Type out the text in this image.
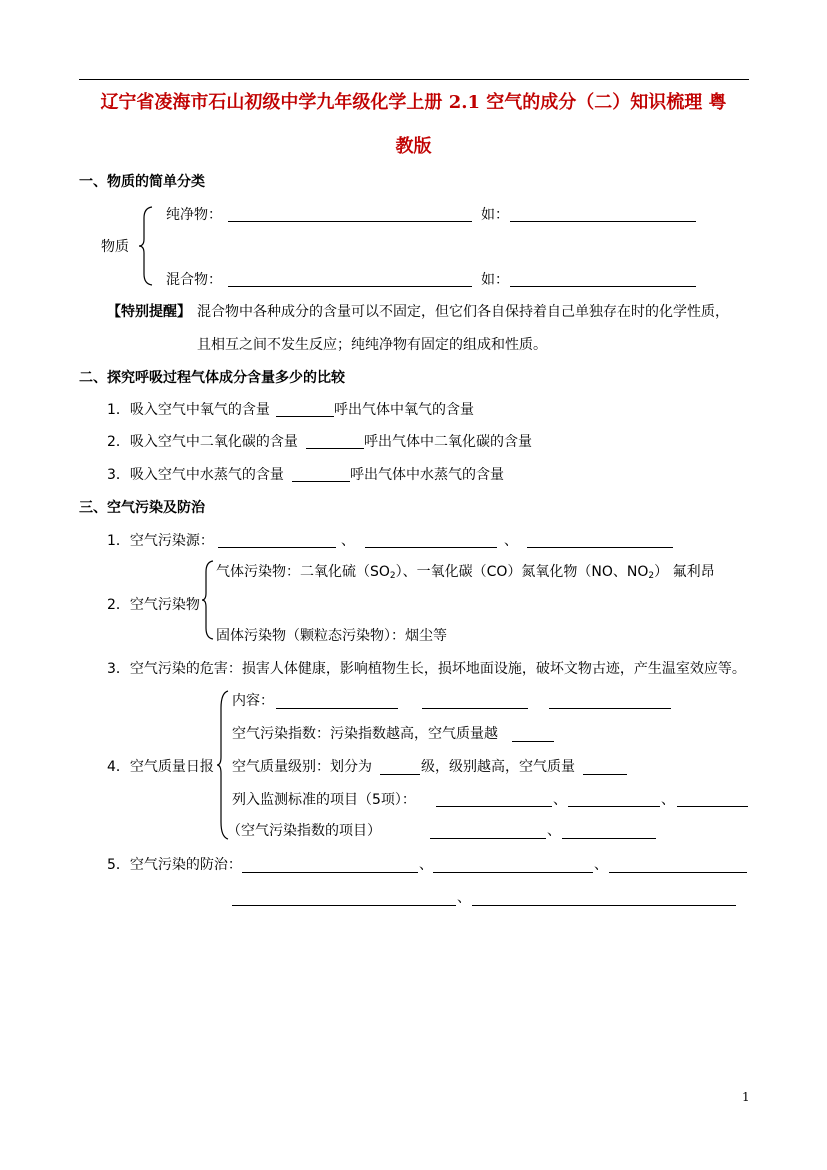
辽宁省凌海市石山初级中学九年级化学上册 2.1 空气的成分（二）知识梳理 粤
教版
一、物质的简单分类
物质
纯净物：	如：
混合物：	如：
【特别提醒】 混合物中各种成分的含量可以不固定，但它们各自保持着自己单独存在时的化学性质，
且相互之间不发生反应；纯纯净物有固定的组成和性质。
二、探究呼吸过程气体成分含量多少的比较
1．吸入空气中氧气的含量	呼出气体中氧气的含量
2．吸入空气中二氧化碳的含量	呼出气体中二氧化碳的含量
3．吸入空气中水蒸气的含量	呼出气体中水蒸气的含量
三、空气污染及防治
1．空气污染源：	、	、
2．空气污染物
气体污染物：二氧化硫$(SO_2)$、一氧化碳（CO）氮氧化物（NO、$NO_2$） 氟利昂
固体污染物（颗粒态污染物）：烟尘等
3．空气污染的危害：损害人体健康，影响植物生长，损坏地面设施，破坏文物古迹，产生温室效应等。
4．空气质量日报
内容：
空气污染指数：污染指数越高，空气质量越
空气质量级别：划分为	级，级别越高，空气质量
列入监测标准的项目（5项）：	、	、
（空气污染指数的项目）	、
5．空气污染的防治：	、	、
、
1
